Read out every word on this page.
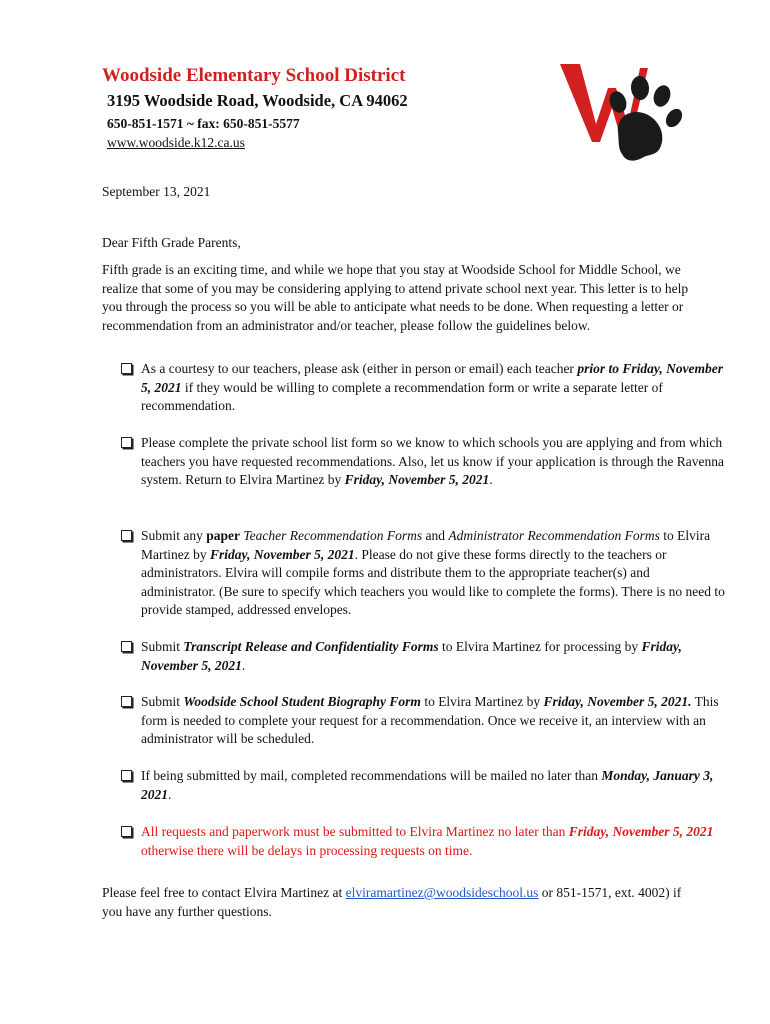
Woodside Elementary School District

3195 Woodside Road, Woodside, CA 94062

650-851-1571 ~ fax: 650-851-5577

www.woodside.k12.ca.us

September 13, 2021
Dear Fifth Grade Parents,

Fifth grade is an exciting time, and while we hope that you stay at Woodside School for Middle School, we realize that some of you may be considering applying to attend private school next year. This letter is to help you through the process so you will be able to anticipate what needs to be done. When requesting a letter or recommendation from an administrator and/or teacher, please follow the guidelines below.

As a courtesy to our teachers, please ask (either in person or email) each teacher prior to Friday, November 5, 2021 if they would be willing to complete a recommendation form or write a separate letter of recommendation.
Please complete the private school list form so we know to which schools you are applying and from which teachers you have requested recommendations. Also, let us know if your application is through the Ravenna system. Return to Elvira Martinez by Friday, November 5, 2021.
Submit any paper Teacher Recommendation Forms and Administrator Recommendation Forms to Elvira Martinez by Friday, November 5, 2021. Please do not give these forms directly to the teachers or administrators. Elvira will compile forms and distribute them to the appropriate teacher(s) and administrator. (Be sure to specify which teachers you would like to complete the forms). There is no need to provide stamped, addressed envelopes.
Submit Transcript Release and Confidentiality Forms to Elvira Martinez for processing by Friday, November 5, 2021.
Submit Woodside School Student Biography Form to Elvira Martinez by Friday, November 5, 2021. This form is needed to complete your request for a recommendation. Once we receive it, an interview with an administrator will be scheduled.
If being submitted by mail, completed recommendations will be mailed no later than Monday, January 3, 2021.
All requests and paperwork must be submitted to Elvira Martinez no later than Friday, November 5, 2021 otherwise there will be delays in processing requests on time.

Please feel free to contact Elvira Martinez at elviramartinez@woodsideschool.us or 851-1571, ext. 4002) if you have any further questions.
